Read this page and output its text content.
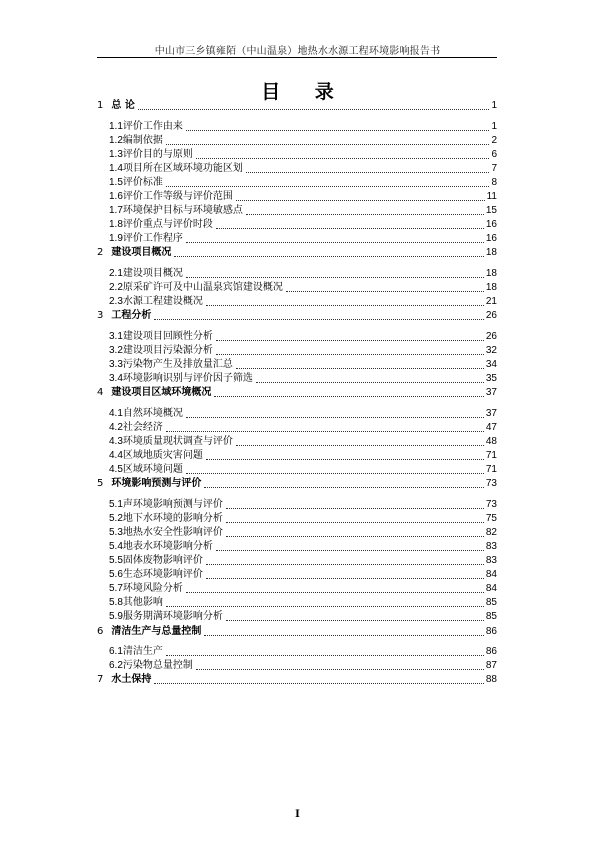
中山市三乡镇雍陌（中山温泉）地热水水源工程环境影响报告书
目 录
1 总 论	1
1.1评价工作由来	1
1.2编制依据	2
1.3评价目的与原则	6
1.4项目所在区域环境功能区划	7
1.5评价标准	8
1.6评价工作等级与评价范围	11
1.7环境保护目标与环境敏感点	15
1.8评价重点与评价时段	16
1.9评价工作程序	16
2 建设项目概况	18
2.1建设项目概况	18
2.2原采矿许可及中山温泉宾馆建设概况	18
2.3水源工程建设概况	21
3 工程分析	26
3.1建设项目回顾性分析	26
3.2建设项目污染源分析	32
3.3污染物产生及排放量汇总	34
3.4环境影响识别与评价因子筛选	35
4 建设项目区域环境概况	37
4.1自然环境概况	37
4.2社会经济	47
4.3环境质量现状调查与评价	48
4.4区域地质灾害问题	71
4.5区域环境问题	71
5 环境影响预测与评价	73
5.1声环境影响预测与评价	73
5.2地下水环境的影响分析	75
5.3地热水安全性影响评价	82
5.4地表水环境影响分析	83
5.5固体废物影响评价	83
5.6生态环境影响评价	84
5.7环境风险分析	84
5.8其他影响	85
5.9服务期满环境影响分析	85
6 清洁生产与总量控制	86
6.1清洁生产	86
6.2污染物总量控制	87
7 水土保持	88
I
